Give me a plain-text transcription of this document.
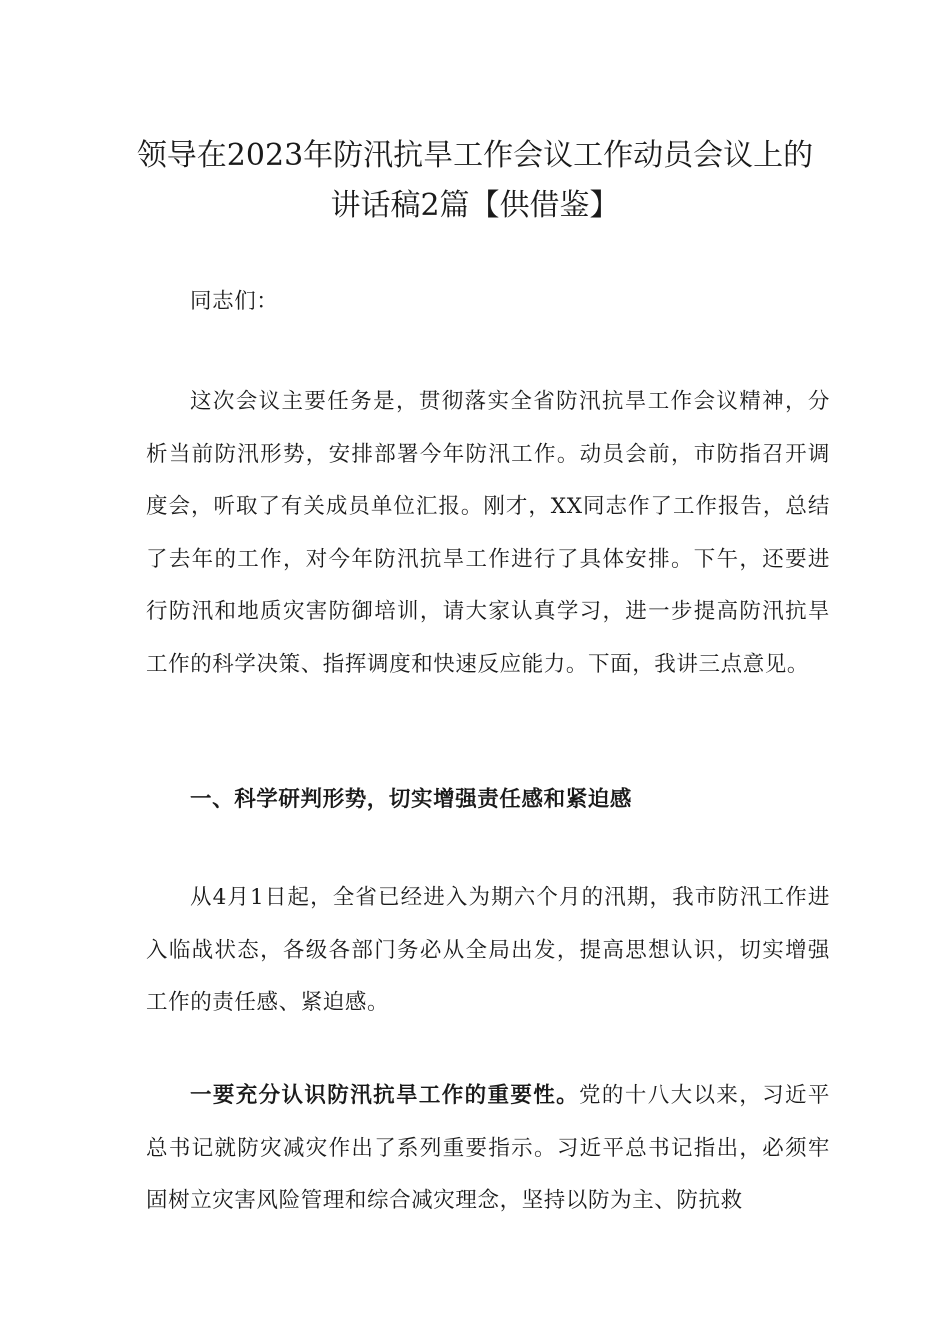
领导在2023年防汛抗旱工作会议工作动员会议上的
讲话稿2篇【供借鉴】

同志们：

这次会议主要任务是，贯彻落实全省防汛抗旱工作会议精神，分析当前防汛形势，安排部署今年防汛工作。动员会前，市防指召开调度会，听取了有关成员单位汇报。刚才，XX同志作了工作报告，总结了去年的工作，对今年防汛抗旱工作进行了具体安排。下午，还要进行防汛和地质灾害防御培训，请大家认真学习，进一步提高防汛抗旱工作的科学决策、指挥调度和快速反应能力。下面，我讲三点意见。

一、科学研判形势，切实增强责任感和紧迫感

从4月1日起，全省已经进入为期六个月的汛期，我市防汛工作进入临战状态，各级各部门务必从全局出发，提高思想认识，切实增强工作的责任感、紧迫感。

一要充分认识防汛抗旱工作的重要性。党的十八大以来，习近平总书记就防灾减灾作出了系列重要指示。习近平总书记指出，必须牢固树立灾害风险管理和综合减灾理念，坚持以防为主、防抗救
